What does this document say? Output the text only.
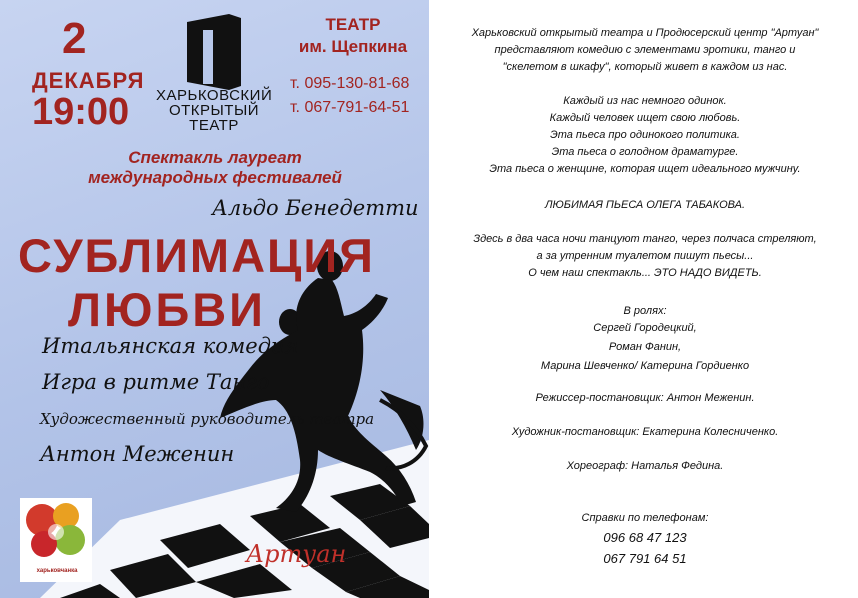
2
ДЕКАБРЯ
19:00 ХАРЬКОВСКИЙ
ОТКРЫТЫЙ
ТЕАТР
ТЕАТР
им. Щепкина
т. 095-130-81-68
т. 067-791-64-51
Спектакль лауреат
международных фестивалей
Альдо Бенедетти
СУБЛИМАЦИЯ
ЛЮБВИ
Итальянская комедия
Игра в ритме Танго
Художественный руководитель театра
Антон Меженин
харьковчанка
Артуан

Харьковский открытый театра и Продюсерский центр "Артуан"

представляют комедию с элементами эротики, танго и

"скелетом в шкафу", который живет в каждом из нас.

Каждый из нас немного одинок.

Каждый человек ищет свою любовь.

Эта пьеса про одинокого политика.

Эта пьеса о голодном драматурге.

Эта пьеса о женщине, которая ищет идеального мужчину.

ЛЮБИМАЯ ПЬЕСА ОЛЕГА ТАБАКОВА.

Здесь в два часа ночи танцуют танго, через полчаса стреляют,

а за утренним туалетом пишут пьесы...

О чем наш спектакль... ЭТО НАДО ВИДЕТЬ.

В ролях:

Сергей Городецкий,

Роман Фанин,

Марина Шевченко/ Катерина Гордиенко

Режиссер-постановщик: Антон Меженин.

Художник-постановщик: Екатерина Колесниченко.

Хореограф: Наталья Федина.

Справки по телефонам:

096 68 47 123

067 791 64 51
